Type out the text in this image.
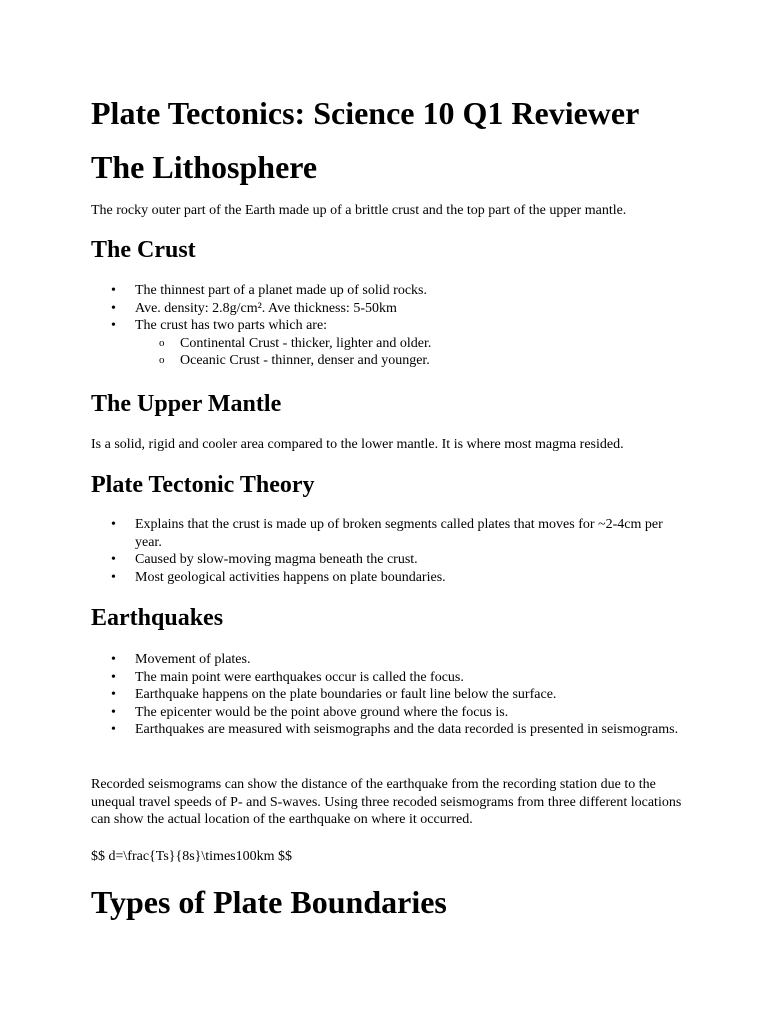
Plate Tectonics: Science 10 Q1 Reviewer
The Lithosphere

The rocky outer part of the Earth made up of a brittle crust and the top part of the upper mantle.

The Crust
• The thinnest part of a planet made up of solid rocks.
• Ave. density: 2.8g/cm². Ave thickness: 5-50km
• The crust has two parts which are:
o Continental Crust - thicker, lighter and older.
o Oceanic Crust - thinner, denser and younger.
The Upper Mantle

Is a solid, rigid and cooler area compared to the lower mantle. It is where most magma resided.

Plate Tectonic Theory
• Explains that the crust is made up of broken segments called plates that moves for ~2-4cm per year.
• Caused by slow-moving magma beneath the crust.
• Most geological activities happens on plate boundaries.
Earthquakes
• Movement of plates.
• The main point were earthquakes occur is called the focus.
• Earthquake happens on the plate boundaries or fault line below the surface.
• The epicenter would be the point above ground where the focus is.
• Earthquakes are measured with seismographs and the data recorded is presented in seismograms.

Recorded seismograms can show the distance of the earthquake from the recording station due to the unequal travel speeds of P- and S-waves. Using three recoded seismograms from three different locations can show the actual location of the earthquake on where it occurred.

$$ d=\frac{Ts}{8s}\times100km $$

Types of Plate Boundaries
